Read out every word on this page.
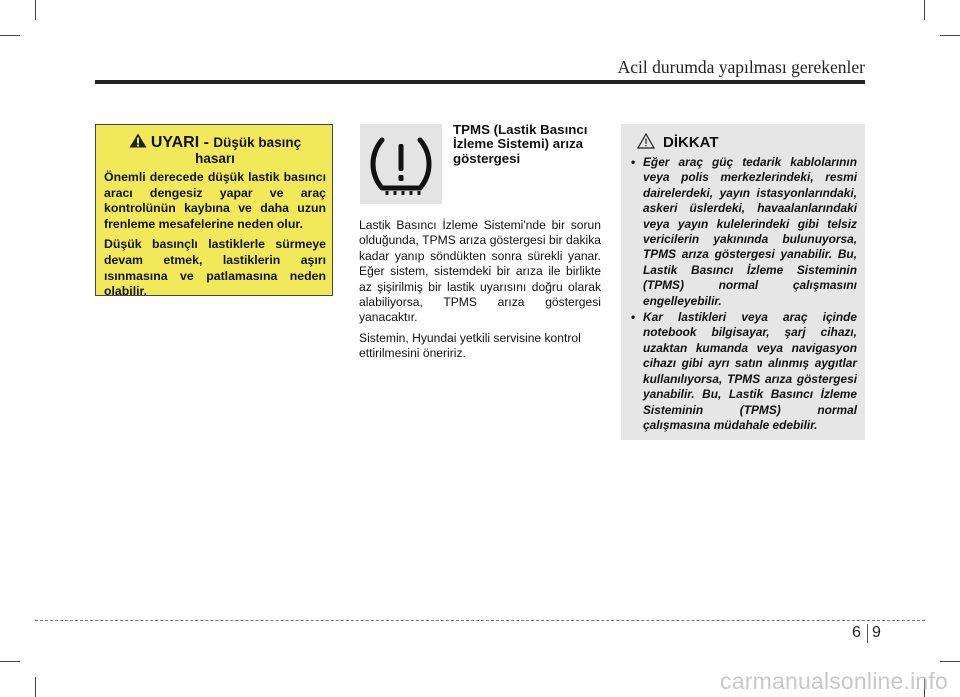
Acil durumda yapılması gerekenler
UYARI - Düşük basınç
hasarı

Önemli derecede düşük lastik basıncı aracı dengesiz yapar ve araç kontrolünün kaybına ve daha uzun frenleme mesafelerine neden olur.

Düşük basınçlı lastiklerle sürmeye devam etmek, lastiklerin aşırı ısınmasına ve patlamasına neden olabilir.

TPMS (Lastik Basıncı
İzleme Sistemi) arıza
göstergesi

Lastik Basıncı İzleme Sistemi'nde bir sorun olduğunda, TPMS arıza göstergesi bir dakika kadar yanıp söndükten sonra sürekli yanar. Eğer sistem, sistemdeki bir arıza ile birlikte az şişirilmiş bir lastik uyarısını doğru olarak alabiliyorsa, TPMS arıza göstergesi yanacaktır.

Sistemin, Hyundai yetkili servisine kontrol ettirilmesini öneririz.

DİKKAT
• Eğer araç güç tedarik kablolarının veya polis merkezlerindeki, resmi dairelerdeki, yayın istasyonlarındaki, askeri üslerdeki, havaalanlarındaki veya yayın kulelerindeki gibi telsiz vericilerin yakınında bulunuyorsa, TPMS arıza göstergesi yanabilir. Bu, Lastik Basıncı İzleme Sisteminin (TPMS) normal çalışmasını engelleyebilir.
• Kar lastikleri veya araç içinde notebook bilgisayar, şarj cihazı, uzaktan kumanda veya navigasyon cihazı gibi ayrı satın alınmış aygıtlar kullanılıyorsa, TPMS arıza göstergesi yanabilir. Bu, Lastik Basıncı İzleme Sisteminin (TPMS) normal çalışmasına müdahale edebilir.
6 9
carmanualsonline.info
